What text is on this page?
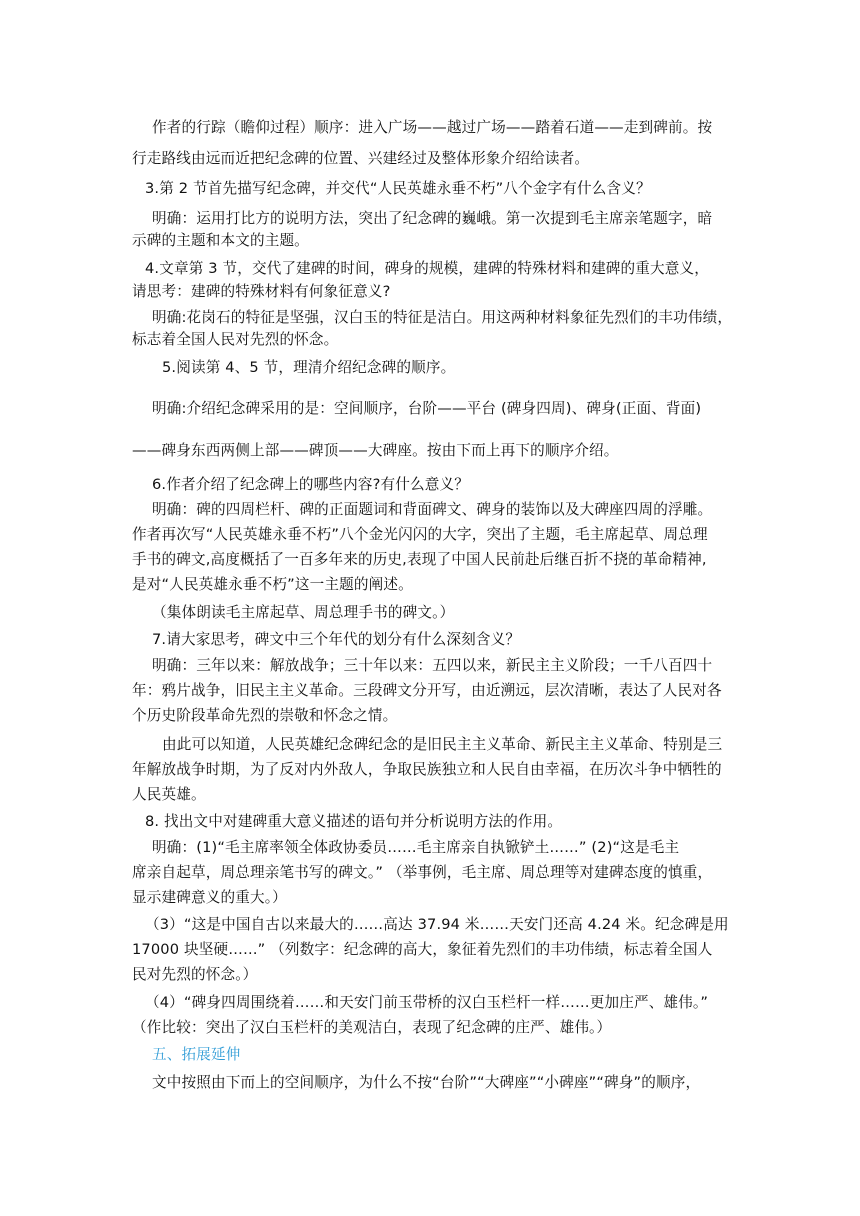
作者的行踪（瞻仰过程）顺序：进入广场——越过广场——踏着石道——走到碑前。按
行走路线由远而近把纪念碑的位置、兴建经过及整体形象介绍给读者。
3.第 2 节首先描写纪念碑，并交代“人民英雄永垂不朽”八个金字有什么含义？
明确：运用打比方的说明方法，突出了纪念碑的巍峨。第一次提到毛主席亲笔题字，暗
示碑的主题和本文的主题。
4.文章第 3 节，交代了建碑的时间，碑身的规模，建碑的特殊材料和建碑的重大意义，
请思考：建碑的特殊材料有何象征意义?
明确:花岗石的特征是坚强，汉白玉的特征是洁白。用这两种材料象征先烈们的丰功伟绩，
标志着全国人民对先烈的怀念。
5.阅读第 4、5 节，理清介绍纪念碑的顺序。
明确:介绍纪念碑采用的是：空间顺序，台阶——平台 (碑身四周)、碑身(正面、背面)
——碑身东西两侧上部——碑顶——大碑座。按由下而上再下的顺序介绍。
6.作者介绍了纪念碑上的哪些内容?有什么意义？
明确：碑的四周栏杆、碑的正面题词和背面碑文、碑身的装饰以及大碑座四周的浮雕。
作者再次写“人民英雄永垂不朽”八个金光闪闪的大字，突出了主题，毛主席起草、周总理
手书的碑文,高度概括了一百多年来的历史,表现了中国人民前赴后继百折不挠的革命精神,
是对“人民英雄永垂不朽”这一主题的阐述。
（集体朗读毛主席起草、周总理手书的碑文。）
7.请大家思考，碑文中三个年代的划分有什么深刻含义？
明确：三年以来：解放战争；三十年以来：五四以来，新民主主义阶段；一千八百四十
年：鸦片战争，旧民主主义革命。三段碑文分开写，由近溯远，层次清晰，表达了人民对各
个历史阶段革命先烈的崇敬和怀念之情。
由此可以知道，人民英雄纪念碑纪念的是旧民主主义革命、新民主主义革命、特别是三
年解放战争时期，为了反对内外敌人，争取民族独立和人民自由幸福，在历次斗争中牺牲的
人民英雄。
8. 找出文中对建碑重大意义描述的语句并分析说明方法的作用。
明确：(1)“毛主席率领全体政协委员……毛主席亲自执锨铲土……” (2)“这是毛主
席亲自起草，周总理亲笔书写的碑文。” （举事例，毛主席、周总理等对建碑态度的慎重，
显示建碑意义的重大。）
（3）“这是中国自古以来最大的……高达 37.94 米……天安门还高 4.24 米。纪念碑是用
17000 块坚硬……” （列数字：纪念碑的高大，象征着先烈们的丰功伟绩，标志着全国人
民对先烈的怀念。）
（4）“碑身四周围绕着……和天安门前玉带桥的汉白玉栏杆一样……更加庄严、雄伟。”
（作比较：突出了汉白玉栏杆的美观洁白，表现了纪念碑的庄严、雄伟。）
五、拓展延伸
文中按照由下而上的空间顺序，为什么不按“台阶”“大碑座”“小碑座”“碑身”的顺序，
